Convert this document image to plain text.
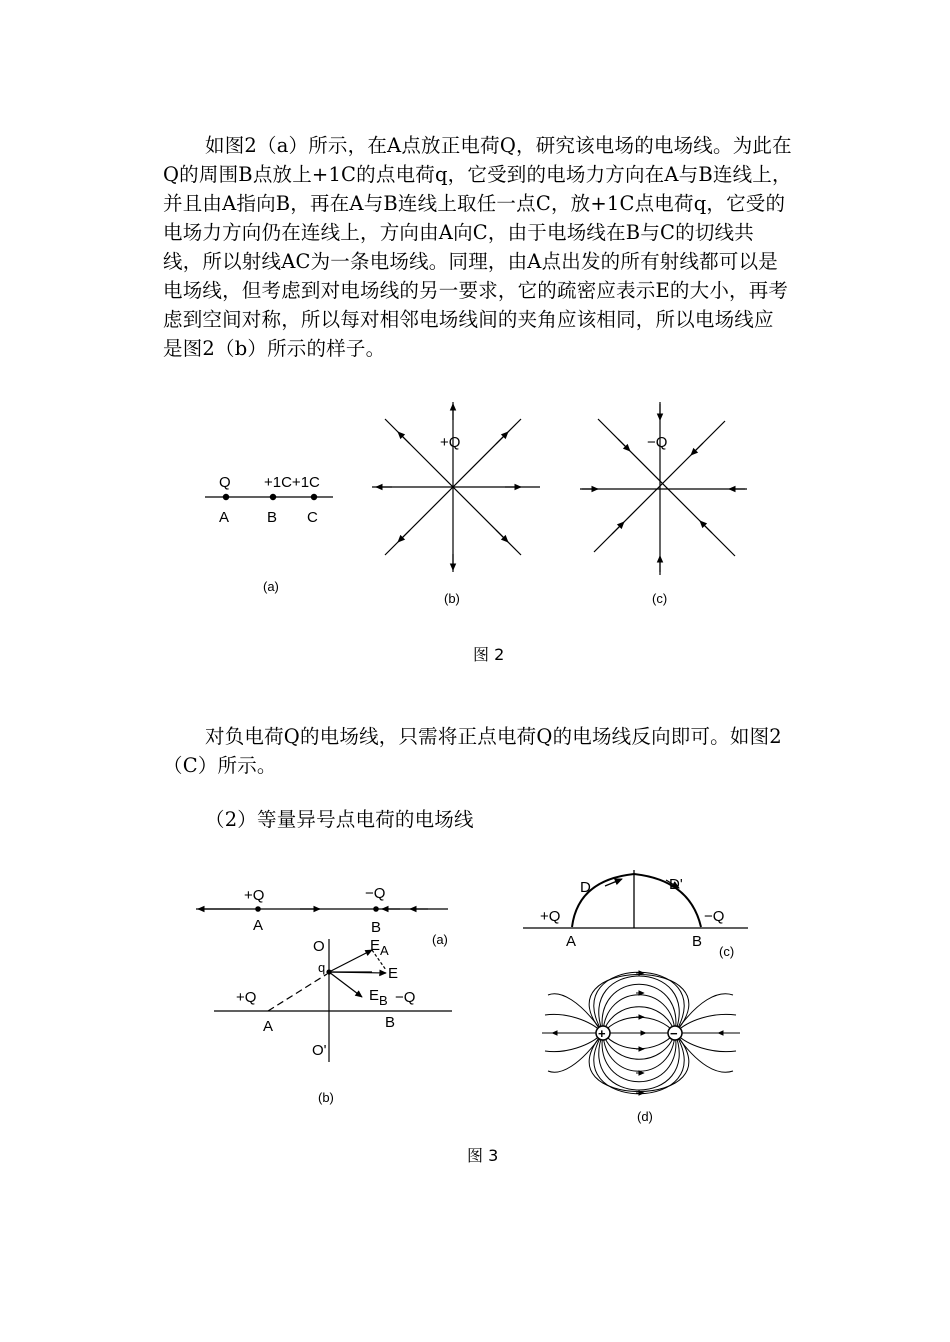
如图2（a）所示，在A点放正电荷Q，研究该电场的电场线。为此在Q的周围B点放上+1C的点电荷q，它受到的电场力方向在A与B连线上，并且由A指向B，再在A与B连线上取任一点C，放+1C点电荷q，它受的电场力方向仍在连线上，方向由A向C，由于电场线在B与C的切线共线，所以射线AC为一条电场线。同理，由A点出发的所有射线都可以是电场线，但考虑到对电场线的另一要求，它的疏密应表示E的大小，再考虑到空间对称，所以每对相邻电场线间的夹角应该相同，所以电场线应是图2（b）所示的样子。

对负电荷Q的电场线，只需将正点电荷Q的电场线反向即可。如图2（C）所示。

（2）等量异号点电荷的电场线

Q +1C+1C
A	B C
(a)
+Q
(b)
−Q
(c)
图 2
+Q	−Q
A	B
(a)
O
q
EA
E
EB −Q
+Q
A	B
O'
(b)
D	D'
+Q	−Q
A	B
(c)
+	−
(d)
图 3
